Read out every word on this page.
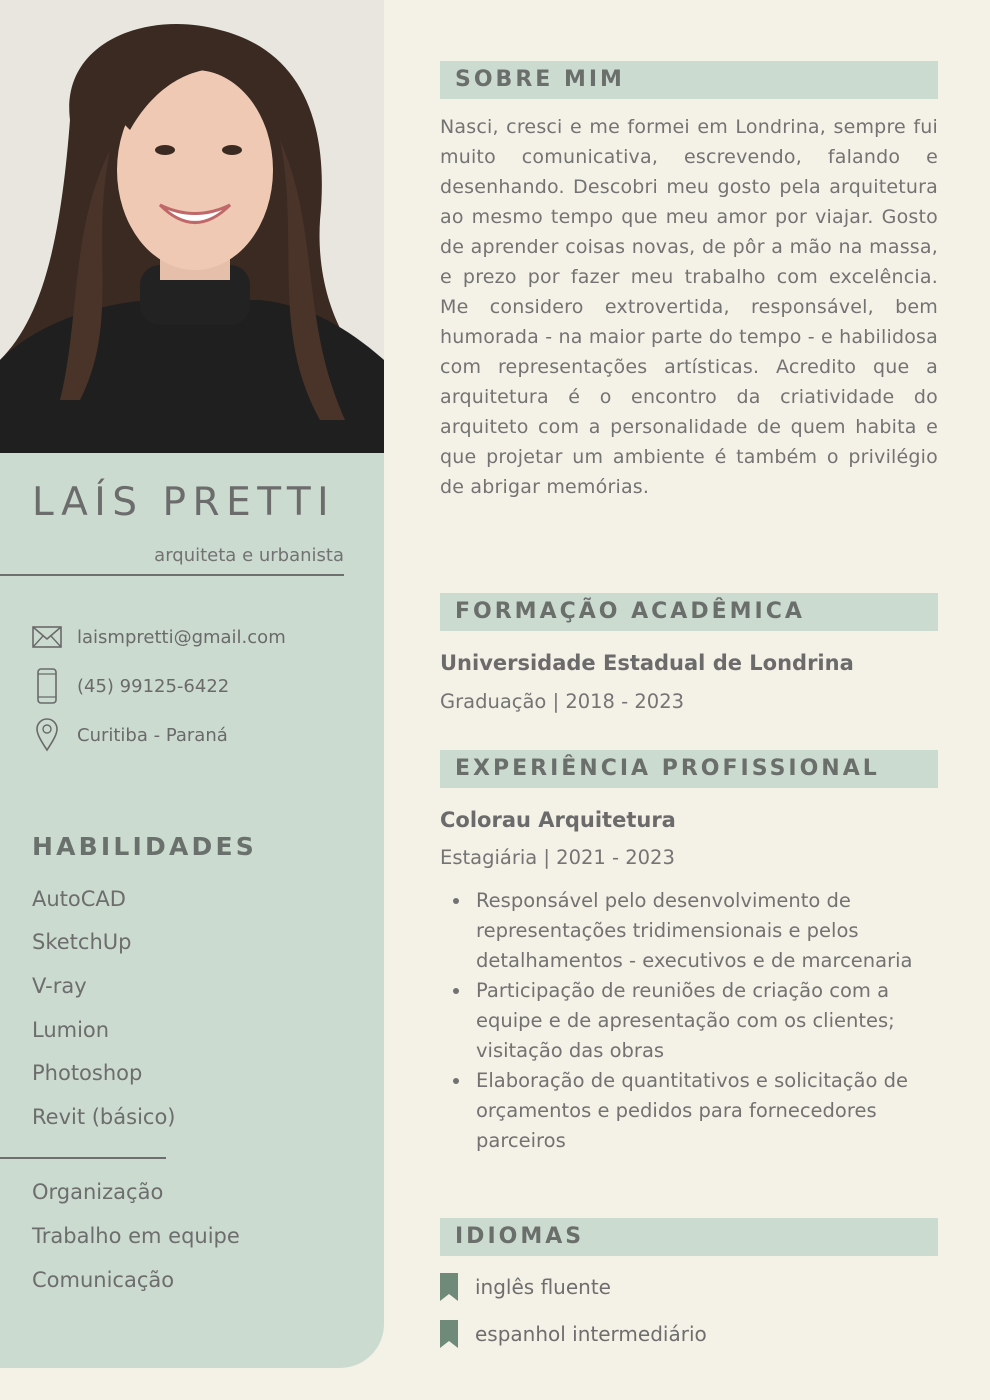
LAÍS PRETTI
arquiteta e urbanista
laismpretti@gmail.com
(45) 99125-6422
Curitiba - Paraná
HABILIDADES
AutoCAD
SketchUp
V-ray
Lumion
Photoshop
Revit (básico)
Organização
Trabalho em equipe
Comunicação
SOBRE MIM
Nasci, cresci e me formei em Londrina, sempre fui muito comunicativa, escrevendo, falando e desenhando. Descobri meu gosto pela arquitetura ao mesmo tempo que meu amor por viajar. Gosto de aprender coisas novas, de pôr a mão na massa, e prezo por fazer meu trabalho com excelência. Me considero extrovertida, responsável, bem humorada - na maior parte do tempo - e habilidosa com representações artísticas. Acredito que a arquitetura é o encontro da criatividade do arquiteto com a personalidade de quem habita e que projetar um ambiente é também o privilégio de abrigar memórias.
FORMAÇÃO ACADÊMICA
Universidade Estadual de Londrina
Graduação | 2018 - 2023
EXPERIÊNCIA PROFISSIONAL
Colorau Arquitetura
Estagiária | 2021 - 2023
Responsável pelo desenvolvimento de representações tridimensionais e pelos detalhamentos - executivos e de marcenaria
Participação de reuniões de criação com a equipe e de apresentação com os clientes; visitação das obras
Elaboração de quantitativos e solicitação de orçamentos e pedidos para fornecedores parceiros
IDIOMAS
inglês fluente
espanhol intermediário
